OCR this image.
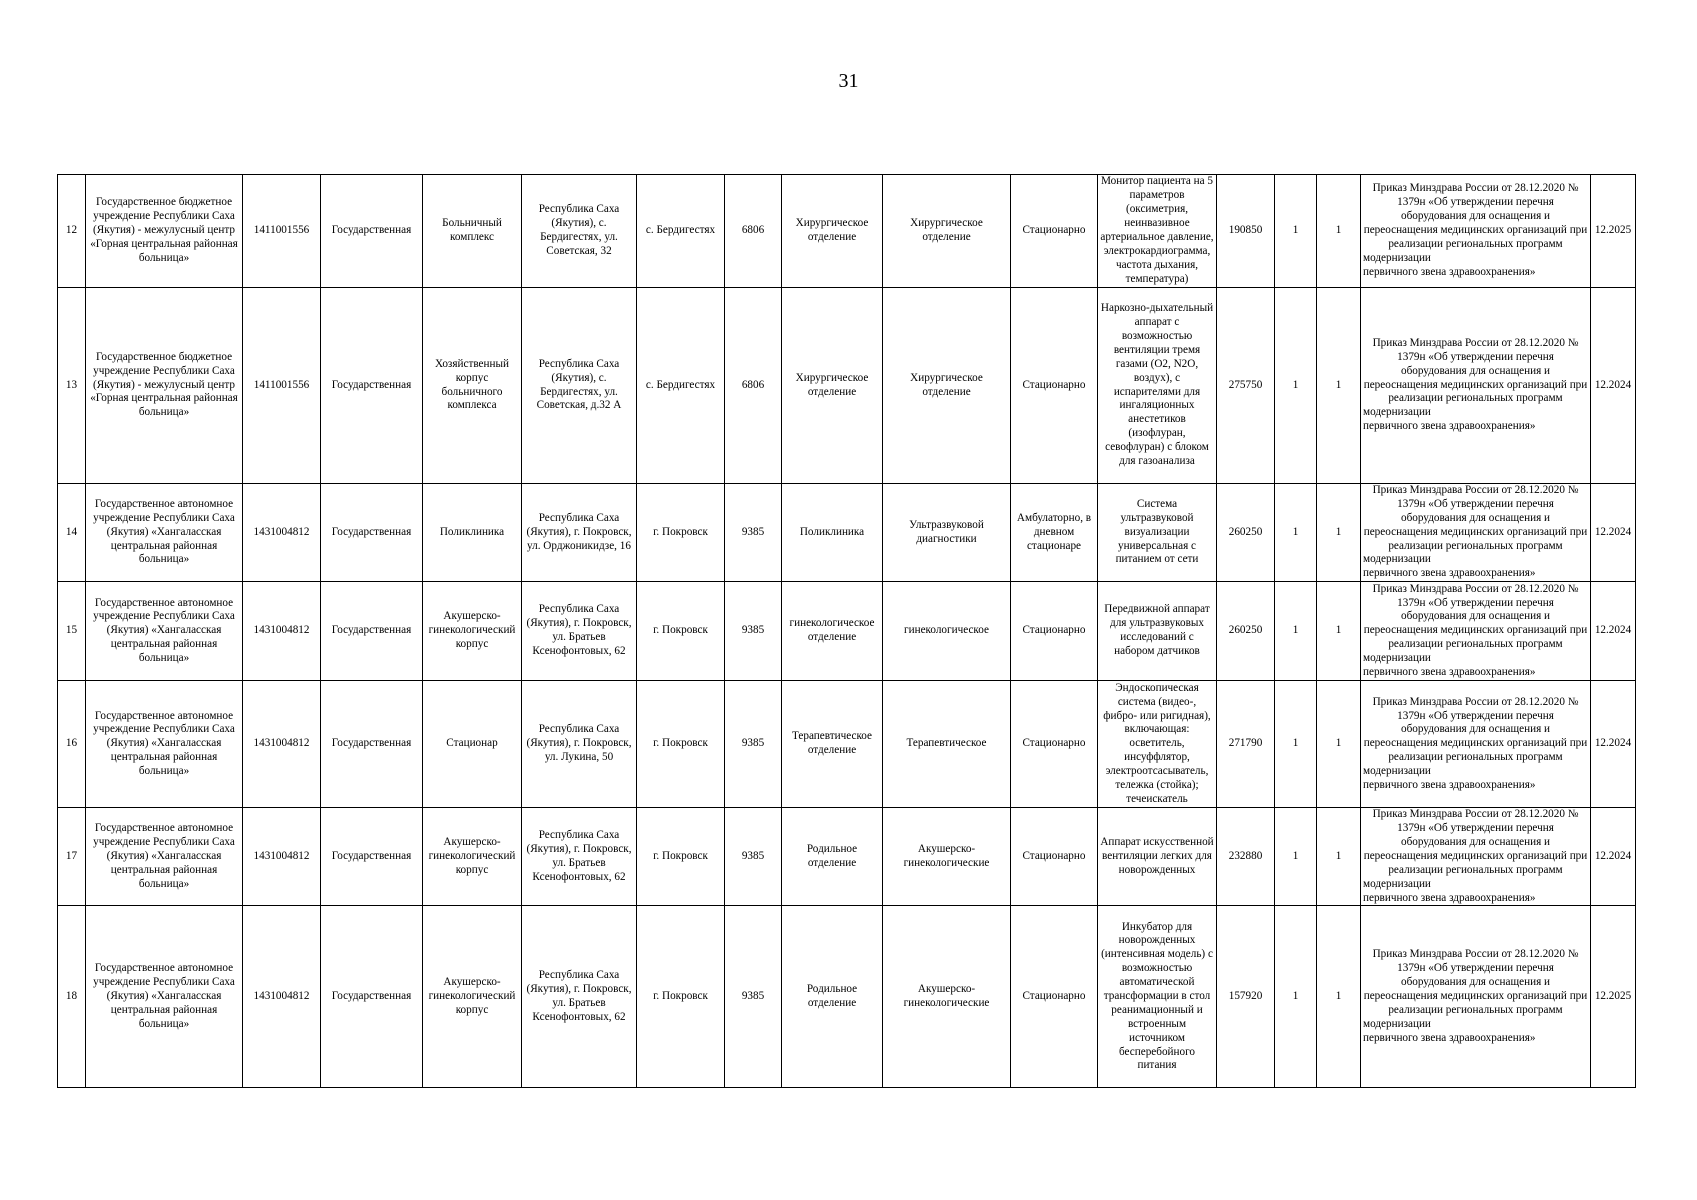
31
12	Государственное бюджетное учреждение Республики Саха (Якутия) - межулусный центр «Горная центральная районная больница»	1411001556	Государственная	Больничный комплекс	Республика Саха (Якутия), с. Бердигестях, ул. Советская, 32	с. Бердигестях	6806	Хирургическое отделение	Хирургическое отделение	Стационарно	Монитор пациента на 5 параметров (оксиметрия, неинвазивное артериальное давление, электрокардиограмма, частота дыхания, температура)	190850	1	1	Приказ Минздрава России от 28.12.2020 № 1379н «Об утверждении перечня оборудования для оснащения и переоснащения медицинских организаций при реализации региональных программ модернизации
первичного звена здравоохранения»	12.2025
13	Государственное бюджетное учреждение Республики Саха (Якутия) - межулусный центр «Горная центральная районная больница»	1411001556	Государственная	Хозяйственный корпус больничного комплекса	Республика Саха (Якутия), с. Бердигестях, ул. Советская, д.32 А	с. Бердигестях	6806	Хирургическое отделение	Хирургическое отделение	Стационарно	Наркозно-дыхательный аппарат с возможностью вентиляции тремя газами (O2, N2O, воздух), с испарителями для ингаляционных анестетиков (изофлуран, севофлуран) с блоком для газоанализа	275750	1	1	Приказ Минздрава России от 28.12.2020 № 1379н «Об утверждении перечня оборудования для оснащения и переоснащения медицинских организаций при реализации региональных программ модернизации
первичного звена здравоохранения»	12.2024
14	Государственное автономное учреждение Республики Саха (Якутия) «Хангаласская центральная районная больница»	1431004812	Государственная	Поликлиника	Республика Саха (Якутия), г. Покровск, ул. Орджоникидзе, 16	г. Покровск	9385	Поликлиника	Ультразвуковой диагностики	Амбулаторно, в дневном стационаре	Система ультразвуковой визуализации универсальная с питанием от сети	260250	1	1	Приказ Минздрава России от 28.12.2020 № 1379н «Об утверждении перечня оборудования для оснащения и переоснащения медицинских организаций при реализации региональных программ модернизации
первичного звена здравоохранения»	12.2024
15	Государственное автономное учреждение Республики Саха (Якутия) «Хангаласская центральная районная больница»	1431004812	Государственная	Акушерско-гинекологический корпус	Республика Саха (Якутия), г. Покровск, ул. Братьев Ксенофонтовых, 62	г. Покровск	9385	гинекологическое отделение	гинекологическое	Стационарно	Передвижной аппарат для ультразвуковых исследований с набором датчиков	260250	1	1	Приказ Минздрава России от 28.12.2020 № 1379н «Об утверждении перечня оборудования для оснащения и переоснащения медицинских организаций при реализации региональных программ модернизации
первичного звена здравоохранения»	12.2024
16	Государственное автономное учреждение Республики Саха (Якутия) «Хангаласская центральная районная больница»	1431004812	Государственная	Стационар	Республика Саха (Якутия), г. Покровск, ул. Лукина, 50	г. Покровск	9385	Терапевтическое отделение	Терапевтическое	Стационарно	Эндоскопическая система (видео-, фибро- или ригидная), включающая: осветитель, инсуффлятор, электроотсасыватель, тележка (стойка); течеискатель	271790	1	1	Приказ Минздрава России от 28.12.2020 № 1379н «Об утверждении перечня оборудования для оснащения и переоснащения медицинских организаций при реализации региональных программ модернизации
первичного звена здравоохранения»	12.2024
17	Государственное автономное учреждение Республики Саха (Якутия) «Хангаласская центральная районная больница»	1431004812	Государственная	Акушерско-гинекологический корпус	Республика Саха (Якутия), г. Покровск, ул. Братьев Ксенофонтовых, 62	г. Покровск	9385	Родильное отделение	Акушерско-гинекологические	Стационарно	Аппарат искусственной вентиляции легких для новорожденных	232880	1	1	Приказ Минздрава России от 28.12.2020 № 1379н «Об утверждении перечня оборудования для оснащения и переоснащения медицинских организаций при реализации региональных программ модернизации
первичного звена здравоохранения»	12.2024
18	Государственное автономное учреждение Республики Саха (Якутия) «Хангаласская центральная районная больница»	1431004812	Государственная	Акушерско-гинекологический корпус	Республика Саха (Якутия), г. Покровск, ул. Братьев Ксенофонтовых, 62	г. Покровск	9385	Родильное отделение	Акушерско-гинекологические	Стационарно	Инкубатор для новорожденных (интенсивная модель) с возможностью автоматической трансформации в стол реанимационный и встроенным источником бесперебойного питания	157920	1	1	Приказ Минздрава России от 28.12.2020 № 1379н «Об утверждении перечня оборудования для оснащения и переоснащения медицинских организаций при реализации региональных программ модернизации
первичного звена здравоохранения»	12.2025
